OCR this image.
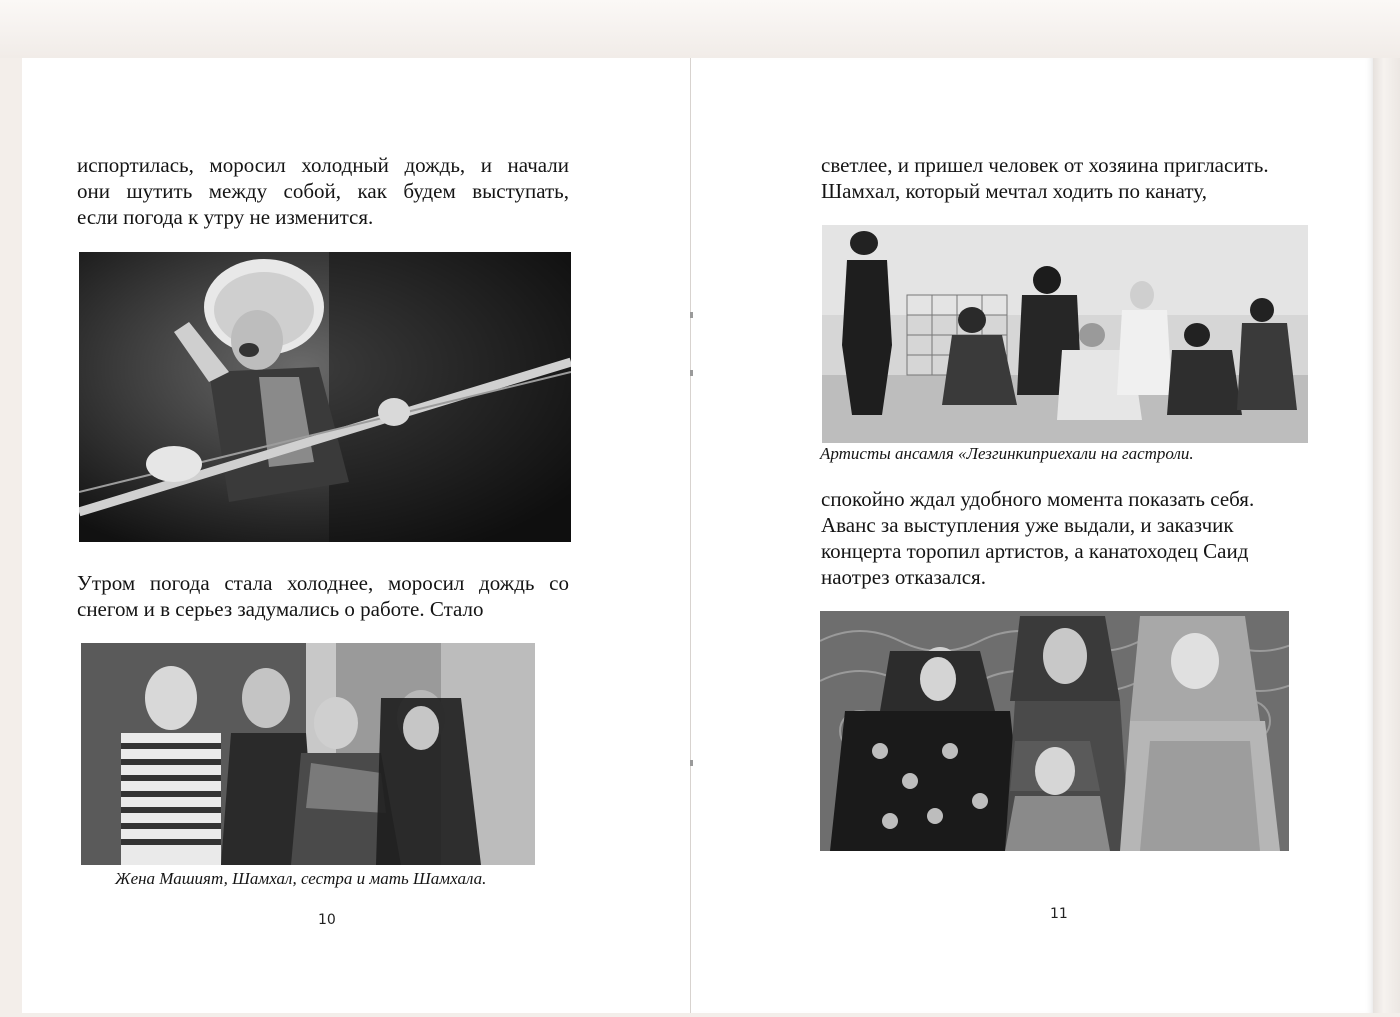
испортилась, моросил холодный дождь, и начали
они шутить между собой, как будем выступать,
если погода к утру не изменится.

Утром погода стала холоднее, моросил дождь со
снегом и в серьез задумались о работе. Стало

Жена Машият, Шамхал, сестра и мать Шамхала.
10

светлее, и пришел человек от хозяина пригласить.
Шамхал, который мечтал ходить по канату,

Артисты ансамля «Лезгинкиприехали на гастроли.

спокойно ждал удобного момента показать себя.
Аванс за выступления уже выдали, и заказчик
концерта торопил артистов, а канатоходец Саид
наотрез отказался.

11
